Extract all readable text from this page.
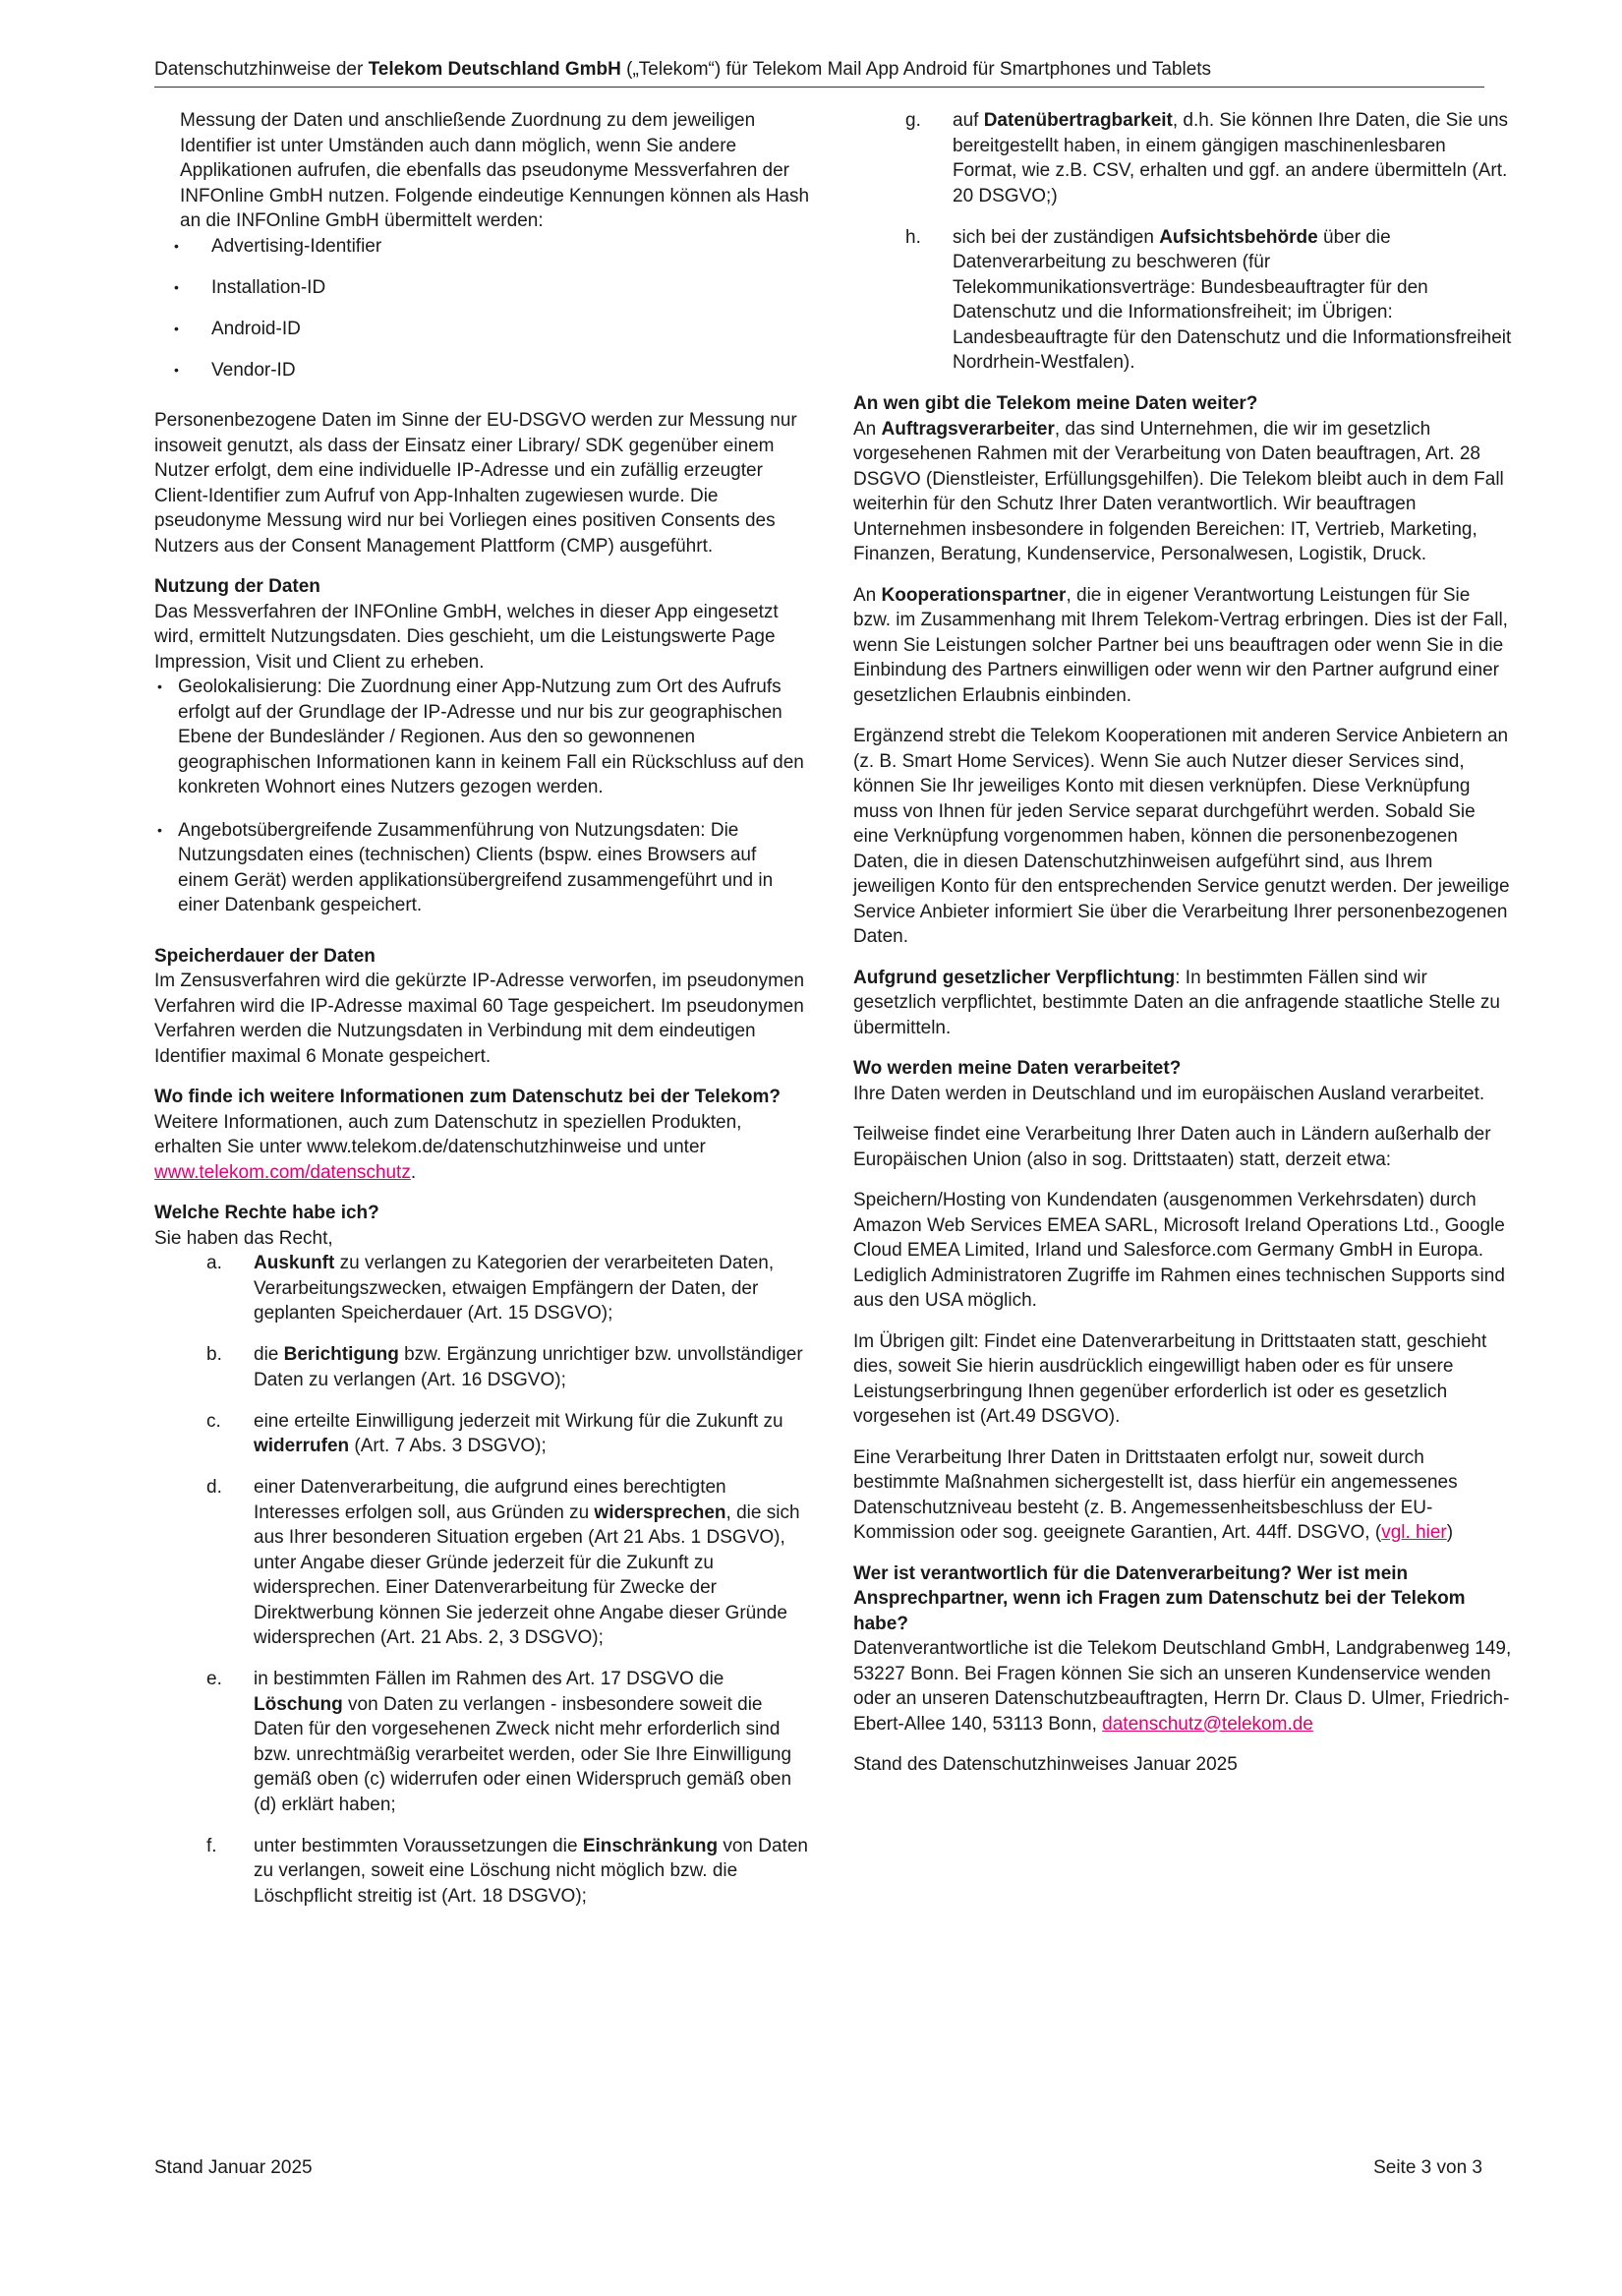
Datenschutzhinweise der Telekom Deutschland GmbH („Telekom“) für Telekom Mail App Android für Smartphones und Tablets

Messung der Daten und anschließende Zuordnung zu dem jeweiligen Identifier ist unter Umständen auch dann möglich, wenn Sie andere Applikationen aufrufen, die ebenfalls das pseudonyme Messverfahren der INFOnline GmbH nutzen. Folgende eindeutige Kennungen können als Hash an die INFOnline GmbH übermittelt werden:

• Advertising-Identifier
• Installation-ID
• Android-ID
• Vendor-ID

Personenbezogene Daten im Sinne der EU-DSGVO werden zur Messung nur insoweit genutzt, als dass der Einsatz einer Library/ SDK gegenüber einem Nutzer erfolgt, dem eine individuelle IP-Adresse und ein zufällig erzeugter Client-Identifier zum Aufruf von App-Inhalten zugewiesen wurde. Die pseudonyme Messung wird nur bei Vorliegen eines positiven Consents des Nutzers aus der Consent Management Plattform (CMP) ausgeführt.

Nutzung der Daten
Das Messverfahren der INFOnline GmbH, welches in dieser App eingesetzt wird, ermittelt Nutzungsdaten. Dies geschieht, um die Leistungswerte Page Impression, Visit und Client zu erheben.

• Geolokalisierung: Die Zuordnung einer App-Nutzung zum Ort des Aufrufs erfolgt auf der Grundlage der IP-Adresse und nur bis zur geographischen Ebene der Bundesländer / Regionen. Aus den so gewonnenen geographischen Informationen kann in keinem Fall ein Rückschluss auf den konkreten Wohnort eines Nutzers gezogen werden.
• Angebotsübergreifende Zusammenführung von Nutzungsdaten: Die Nutzungsdaten eines (technischen) Clients (bspw. eines Browsers auf einem Gerät) werden applikationsübergreifend zusammengeführt und in einer Datenbank gespeichert.

Speicherdauer der Daten
Im Zensusverfahren wird die gekürzte IP-Adresse verworfen, im pseudonymen Verfahren wird die IP-Adresse maximal 60 Tage gespeichert. Im pseudonymen Verfahren werden die Nutzungsdaten in Verbindung mit dem eindeutigen Identifier maximal 6 Monate gespeichert.

Wo finde ich weitere Informationen zum Datenschutz bei der Telekom?
Weitere Informationen, auch zum Datenschutz in speziellen Produkten, erhalten Sie unter www.telekom.de/datenschutzhinweise und unter www.telekom.com/datenschutz.

Welche Rechte habe ich?
Sie haben das Recht,

a. Auskunft zu verlangen zu Kategorien der verarbeiteten Daten, Verarbeitungszwecken, etwaigen Empfängern der Daten, der geplanten Speicherdauer (Art. 15 DSGVO);
b. die Berichtigung bzw. Ergänzung unrichtiger bzw. unvollständiger Daten zu verlangen (Art. 16 DSGVO);
c. eine erteilte Einwilligung jederzeit mit Wirkung für die Zukunft zu widerrufen (Art. 7 Abs. 3 DSGVO);
d. einer Datenverarbeitung, die aufgrund eines berechtigten Interesses erfolgen soll, aus Gründen zu widersprechen, die sich aus Ihrer besonderen Situation ergeben (Art 21 Abs. 1 DSGVO), unter Angabe dieser Gründe jederzeit für die Zukunft zu widersprechen. Einer Datenverarbeitung für Zwecke der Direktwerbung können Sie jederzeit ohne Angabe dieser Gründe widersprechen (Art. 21 Abs. 2, 3 DSGVO);
e. in bestimmten Fällen im Rahmen des Art. 17 DSGVO die Löschung von Daten zu verlangen - insbesondere soweit die Daten für den vorgesehenen Zweck nicht mehr erforderlich sind bzw. unrechtmäßig verarbeitet werden, oder Sie Ihre Einwilligung gemäß oben (c) widerrufen oder einen Widerspruch gemäß oben (d) erklärt haben;
f. unter bestimmten Voraussetzungen die Einschränkung von Daten zu verlangen, soweit eine Löschung nicht möglich bzw. die Löschpflicht streitig ist (Art. 18 DSGVO);
g. auf Datenübertragbarkeit, d.h. Sie können Ihre Daten, die Sie uns bereitgestellt haben, in einem gängigen maschinenlesbaren Format, wie z.B. CSV, erhalten und ggf. an andere übermitteln (Art. 20 DSGVO;)
h. sich bei der zuständigen Aufsichtsbehörde über die Datenverarbeitung zu beschweren (für Telekommunikationsverträge: Bundesbeauftragter für den Datenschutz und die Informationsfreiheit; im Übrigen: Landesbeauftragte für den Datenschutz und die Informationsfreiheit Nordrhein-Westfalen).

An wen gibt die Telekom meine Daten weiter?
An Auftragsverarbeiter, das sind Unternehmen, die wir im gesetzlich vorgesehenen Rahmen mit der Verarbeitung von Daten beauftragen, Art. 28 DSGVO (Dienstleister, Erfüllungsgehilfen). Die Telekom bleibt auch in dem Fall weiterhin für den Schutz Ihrer Daten verantwortlich. Wir beauftragen Unternehmen insbesondere in folgenden Bereichen: IT, Vertrieb, Marketing, Finanzen, Beratung, Kundenservice, Personalwesen, Logistik, Druck.

An Kooperationspartner, die in eigener Verantwortung Leistungen für Sie bzw. im Zusammenhang mit Ihrem Telekom-Vertrag erbringen. Dies ist der Fall, wenn Sie Leistungen solcher Partner bei uns beauftragen oder wenn Sie in die Einbindung des Partners einwilligen oder wenn wir den Partner aufgrund einer gesetzlichen Erlaubnis einbinden.

Ergänzend strebt die Telekom Kooperationen mit anderen Service Anbietern an (z. B. Smart Home Services). Wenn Sie auch Nutzer dieser Services sind, können Sie Ihr jeweiliges Konto mit diesen verknüpfen. Diese Verknüpfung muss von Ihnen für jeden Service separat durchgeführt werden. Sobald Sie eine Verknüpfung vorgenommen haben, können die personenbezogenen Daten, die in diesen Datenschutzhinweisen aufgeführt sind, aus Ihrem jeweiligen Konto für den entsprechenden Service genutzt werden. Der jeweilige Service Anbieter informiert Sie über die Verarbeitung Ihrer personenbezogenen Daten.

Aufgrund gesetzlicher Verpflichtung: In bestimmten Fällen sind wir gesetzlich verpflichtet, bestimmte Daten an die anfragende staatliche Stelle zu übermitteln.

Wo werden meine Daten verarbeitet?
Ihre Daten werden in Deutschland und im europäischen Ausland verarbeitet.

Teilweise findet eine Verarbeitung Ihrer Daten auch in Ländern außerhalb der Europäischen Union (also in sog. Drittstaaten) statt, derzeit etwa:

Speichern/Hosting von Kundendaten (ausgenommen Verkehrsdaten) durch Amazon Web Services EMEA SARL, Microsoft Ireland Operations Ltd., Google Cloud EMEA Limited, Irland und Salesforce.com Germany GmbH in Europa. Lediglich Administratoren Zugriffe im Rahmen eines technischen Supports sind aus den USA möglich.

Im Übrigen gilt: Findet eine Datenverarbeitung in Drittstaaten statt, geschieht dies, soweit Sie hierin ausdrücklich eingewilligt haben oder es für unsere Leistungserbringung Ihnen gegenüber erforderlich ist oder es gesetzlich vorgesehen ist (Art.49 DSGVO).

Eine Verarbeitung Ihrer Daten in Drittstaaten erfolgt nur, soweit durch bestimmte Maßnahmen sichergestellt ist, dass hierfür ein angemessenes Datenschutzniveau besteht (z. B. Angemessenheitsbeschluss der EU-Kommission oder sog. geeignete Garantien, Art. 44ff. DSGVO, (vgl. hier)

Wer ist verantwortlich für die Datenverarbeitung? Wer ist mein Ansprechpartner, wenn ich Fragen zum Datenschutz bei der Telekom habe?
Datenverantwortliche ist die Telekom Deutschland GmbH, Landgrabenweg 149, 53227 Bonn. Bei Fragen können Sie sich an unseren Kundenservice wenden oder an unseren Datenschutzbeauftragten, Herrn Dr. Claus D. Ulmer, Friedrich-Ebert-Allee 140, 53113 Bonn, datenschutz@telekom.de

Stand des Datenschutzhinweises Januar 2025

Stand Januar 2025	Seite 3 von 3
